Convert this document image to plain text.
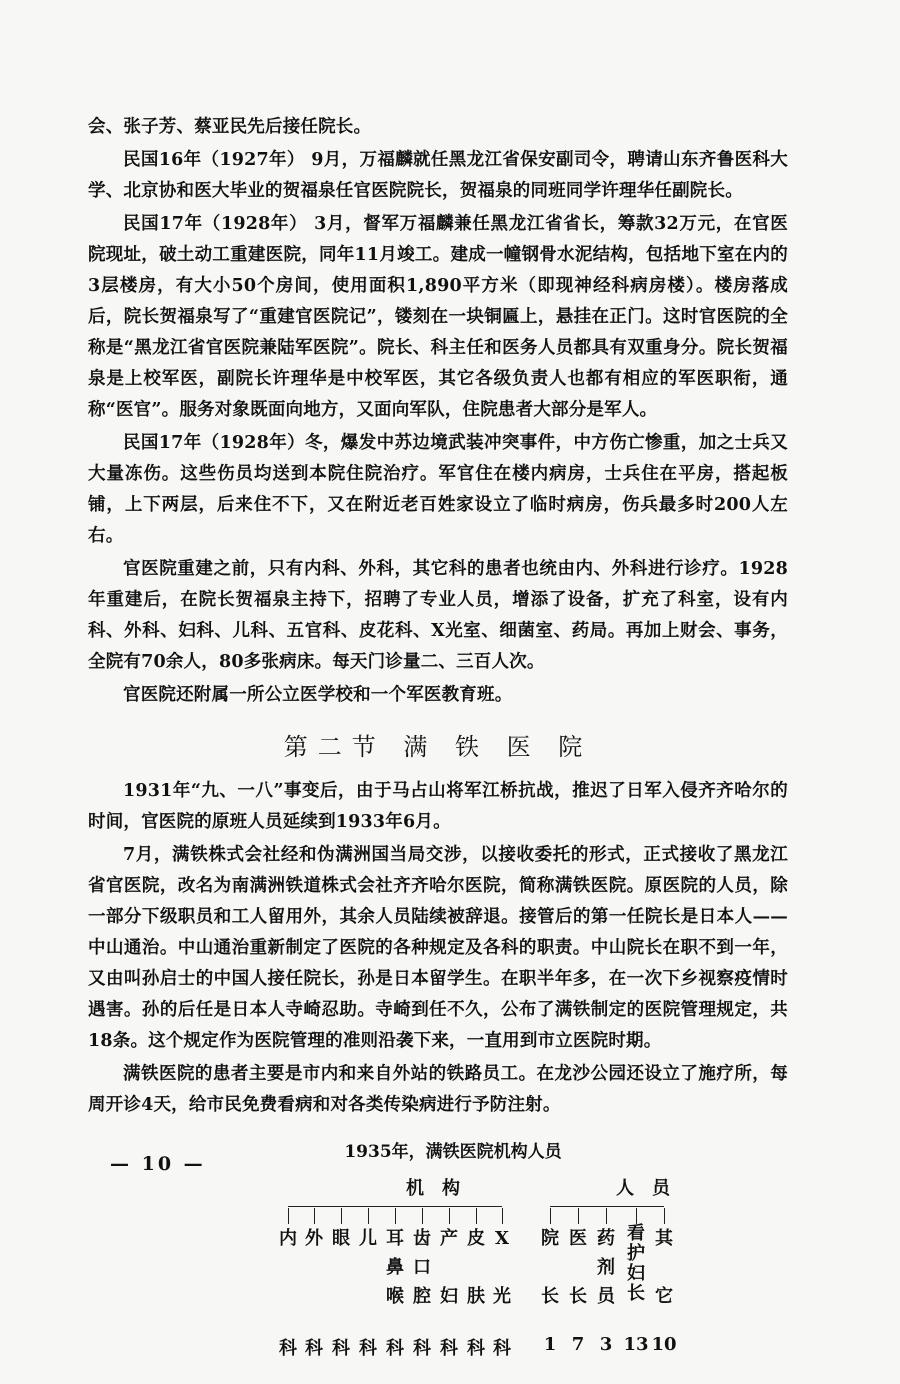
会、张子芳、蔡亚民先后接任院长。

民国16年（1927年） 9月，万福麟就任黑龙江省保安副司令，聘请山东齐鲁医科大学、北京协和医大毕业的贺福泉任官医院院长，贺福泉的同班同学许理华任副院长。

民国17年（1928年） 3月，督军万福麟兼任黑龙江省省长，筹款32万元，在官医院现址，破土动工重建医院，同年11月竣工。建成一幢钢骨水泥结构，包括地下室在内的3层楼房，有大小50个房间，使用面积1,890平方米（即现神经科病房楼）。楼房落成后，院长贺福泉写了“重建官医院记”，镂刻在一块铜匾上，悬挂在正门。这时官医院的全称是“黑龙江省官医院兼陆军医院”。院长、科主任和医务人员都具有双重身分。院长贺福泉是上校军医，副院长许理华是中校军医，其它各级负责人也都有相应的军医职衔，通称“医官”。服务对象既面向地方，又面向军队，住院患者大部分是军人。

民国17年（1928年）冬，爆发中苏边境武装冲突事件，中方伤亡惨重，加之士兵又大量冻伤。这些伤员均送到本院住院治疗。军官住在楼内病房，士兵住在平房，搭起板铺，上下两层，后来住不下，又在附近老百姓家设立了临时病房，伤兵最多时200人左右。

官医院重建之前，只有内科、外科，其它科的患者也统由内、外科进行诊疗。1928年重建后，在院长贺福泉主持下，招聘了专业人员，增添了设备，扩充了科室，设有内科、外科、妇科、儿科、五官科、皮花科、X光室、细菌室、药局。再加上财会、事务，全院有70余人，80多张病床。每天门诊量二、三百人次。

官医院还附属一所公立医学校和一个军医教育班。

第二节 满 铁 医 院

1931年“九、一八”事变后，由于马占山将军江桥抗战，推迟了日军入侵齐齐哈尔的时间，官医院的原班人员延续到1933年6月。

7月，满铁株式会社经和伪满洲国当局交涉，以接收委托的形式，正式接收了黑龙江省官医院，改名为南满洲铁道株式会社齐齐哈尔医院，简称满铁医院。原医院的人员，除一部分下级职员和工人留用外，其余人员陆续被辞退。接管后的第一任院长是日本人——中山通治。中山通治重新制定了医院的各种规定及各科的职责。中山院长在职不到一年，又由叫孙启士的中国人接任院长，孙是日本留学生。在职半年多，在一次下乡视察疫情时遇害。孙的后任是日本人寺崎忍助。寺崎到任不久，公布了满铁制定的医院管理规定，共18条。这个规定作为医院管理的准则沿袭下来，一直用到市立医院时期。

满铁医院的患者主要是市内和来自外站的铁路员工。在龙沙公园还设立了施疗所，每周开诊4天，给市民免费看病和对各类传染病进行予防注射。

1935年，满铁医院机构人员
机构	人员
内
科
外
科
眼
科
儿
科
耳
鼻
喉
科
齿
口
腔
科
产

妇
科
皮

肤
科
X

光
科
院

长
1
医

长
7
药
剂
员
3
看
护
妇
长
13
其

它
10
— 10 —
